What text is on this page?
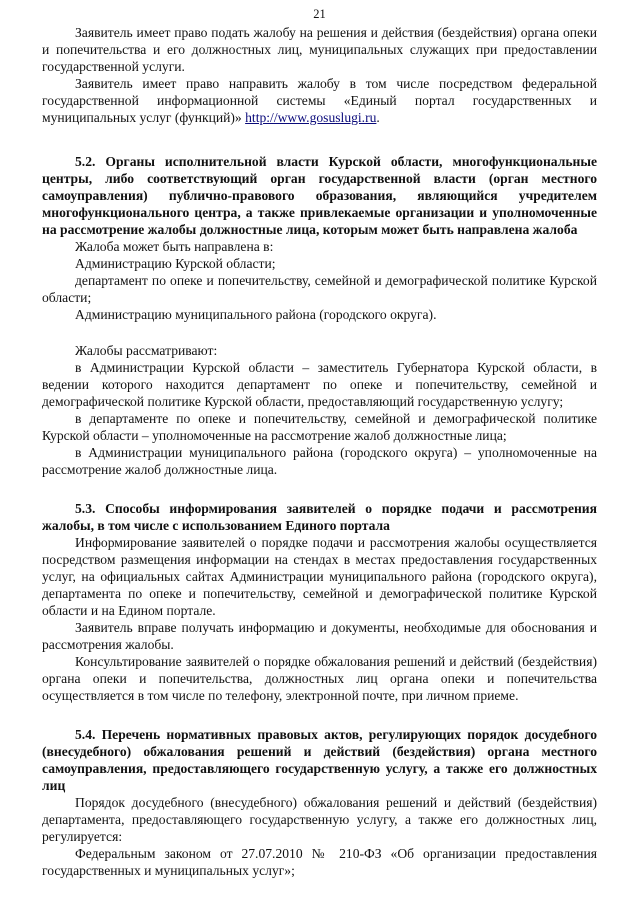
21

Заявитель имеет право подать жалобу на решения и действия (бездействия) органа опеки и попечительства и его должностных лиц, муниципальных служащих при предоставлении государственной услуги.

Заявитель имеет право направить жалобу в том числе посредством федеральной государственной информационной системы «Единый портал государственных и муниципальных услуг (функций)» http://www.gosuslugi.ru.

5.2. Органы исполнительной власти Курской области, многофункциональные центры, либо соответствующий орган государственной власти (орган местного самоуправления) публично-правового образования, являющийся учредителем многофункционального центра, а также привлекаемые организации и уполномоченные на рассмотрение жалобы должностные лица, которым может быть направлена жалоба

Жалоба может быть направлена в:

Администрацию Курской области;

департамент по опеке и попечительству, семейной и демографической политике Курской области;

Администрацию муниципального района (городского округа).

Жалобы рассматривают:

в Администрации Курской области – заместитель Губернатора Курской области, в ведении которого находится департамент по опеке и попечительству, семейной и демографической политике Курской области, предоставляющий государственную услугу;

в департаменте по опеке и попечительству, семейной и демографической политике Курской области – уполномоченные на рассмотрение жалоб должностные лица;

в Администрации муниципального района (городского округа) – уполномоченные на рассмотрение жалоб должностные лица.

5.3. Способы информирования заявителей о порядке подачи и рассмотрения жалобы, в том числе с использованием Единого портала

Информирование заявителей о порядке подачи и рассмотрения жалобы осуществляется посредством размещения информации на стендах в местах предоставления государственных услуг, на официальных сайтах Администрации муниципального района (городского округа), департамента по опеке и попечительству, семейной и демографической политике Курской области и на Едином портале.

Заявитель вправе получать информацию и документы, необходимые для обоснования и рассмотрения жалобы.

Консультирование заявителей о порядке обжалования решений и действий (бездействия) органа опеки и попечительства, должностных лиц органа опеки и попечительства осуществляется в том числе по телефону, электронной почте, при личном приеме.

5.4. Перечень нормативных правовых актов, регулирующих порядок досудебного (внесудебного) обжалования решений и действий (бездействия) органа местного самоуправления, предоставляющего государственную услугу, а также его должностных лиц

Порядок досудебного (внесудебного) обжалования решений и действий (бездействия) департамента, предоставляющего государственную услугу, а также его должностных лиц, регулируется:

Федеральным законом от 27.07.2010 № 210-ФЗ «Об организации предоставления государственных и муниципальных услуг»;
